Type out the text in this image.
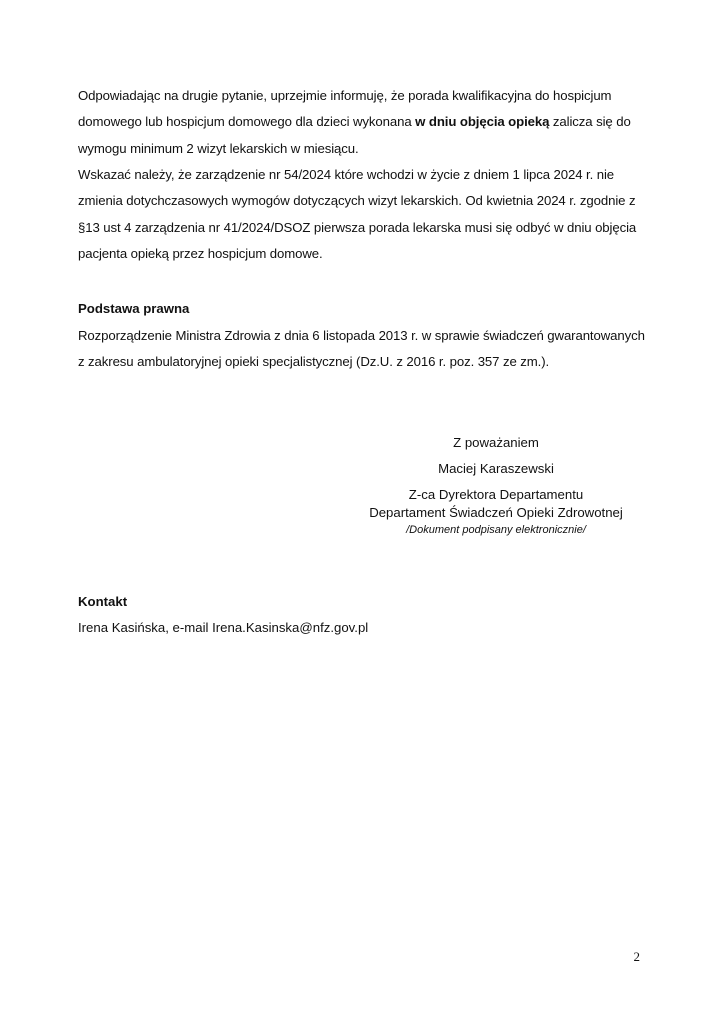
Odpowiadając na drugie pytanie, uprzejmie informuję, że porada kwalifikacyjna do hospicjum domowego lub hospicjum domowego dla dzieci wykonana w dniu objęcia opieką zalicza się do wymogu minimum 2 wizyt lekarskich w miesiącu.
Wskazać należy, że zarządzenie nr 54/2024 które wchodzi w życie z dniem 1 lipca 2024 r. nie zmienia dotychczasowych wymogów dotyczących wizyt lekarskich. Od kwietnia 2024 r. zgodnie z §13 ust 4 zarządzenia nr 41/2024/DSOZ pierwsza porada lekarska musi się odbyć w dniu objęcia pacjenta opieką przez hospicjum domowe.
Podstawa prawna
Rozporządzenie Ministra Zdrowia z dnia 6 listopada 2013 r. w sprawie świadczeń gwarantowanych z zakresu ambulatoryjnej opieki specjalistycznej (Dz.U. z 2016 r. poz. 357 ze zm.).
Z poważaniem
Maciej Karaszewski
Z-ca Dyrektora Departamentu
Departament Świadczeń Opieki Zdrowotnej
/Dokument podpisany elektronicznie/
Kontakt
Irena Kasińska, e-mail Irena.Kasinska@nfz.gov.pl
2
